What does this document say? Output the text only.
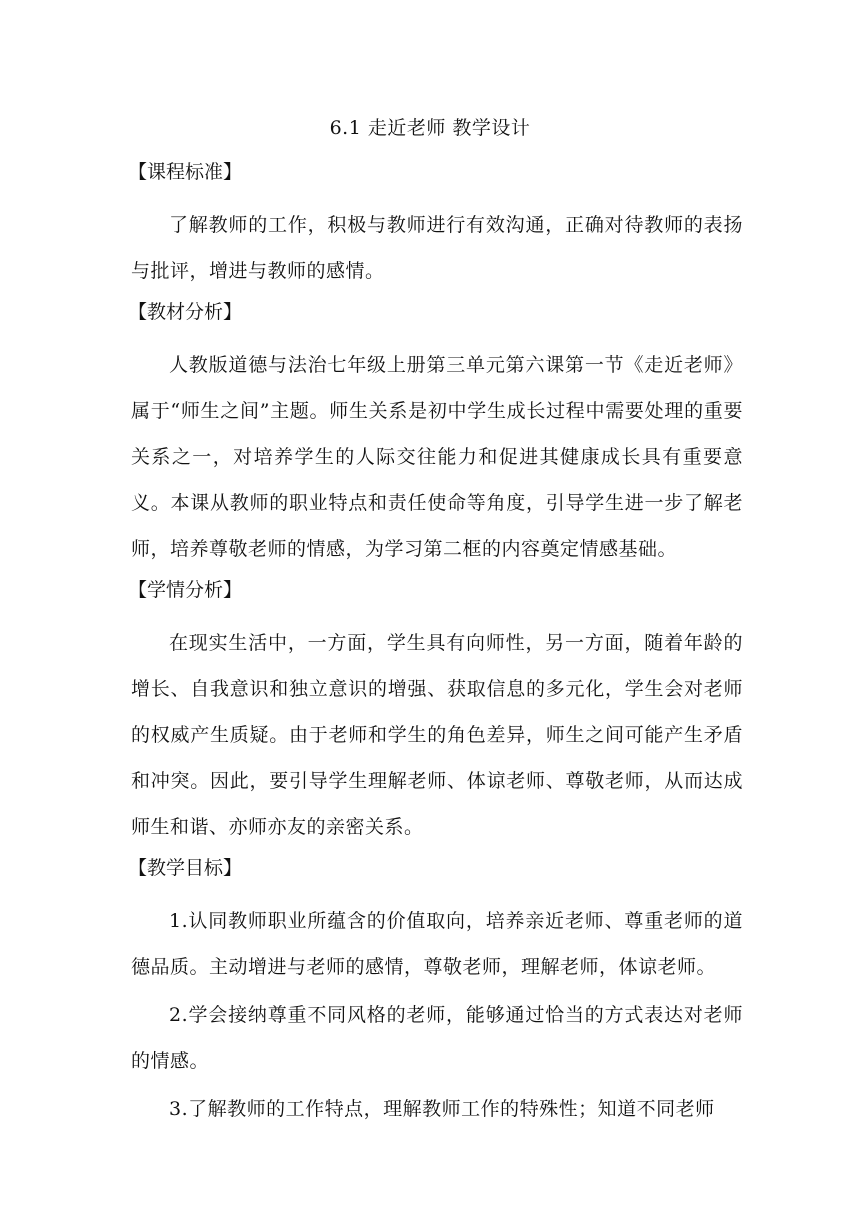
6.1 走近老师 教学设计
【课程标准】

了解教师的工作，积极与教师进行有效沟通，正确对待教师的表扬与批评，增进与教师的感情。

【教材分析】

人教版道德与法治七年级上册第三单元第六课第一节《走近老师》属于“师生之间”主题。师生关系是初中学生成长过程中需要处理的重要关系之一，对培养学生的人际交往能力和促进其健康成长具有重要意义。本课从教师的职业特点和责任使命等角度，引导学生进一步了解老师，培养尊敬老师的情感，为学习第二框的内容奠定情感基础。

【学情分析】

在现实生活中，一方面，学生具有向师性，另一方面，随着年龄的增长、自我意识和独立意识的增强、获取信息的多元化，学生会对老师的权威产生质疑。由于老师和学生的角色差异，师生之间可能产生矛盾和冲突。因此，要引导学生理解老师、体谅老师、尊敬老师，从而达成师生和谐、亦师亦友的亲密关系。

【教学目标】

1.认同教师职业所蕴含的价值取向，培养亲近老师、尊重老师的道德品质。主动增进与老师的感情，尊敬老师，理解老师，体谅老师。

2.学会接纳尊重不同风格的老师，能够通过恰当的方式表达对老师的情感。

3.了解教师的工作特点，理解教师工作的特殊性；知道不同老师
